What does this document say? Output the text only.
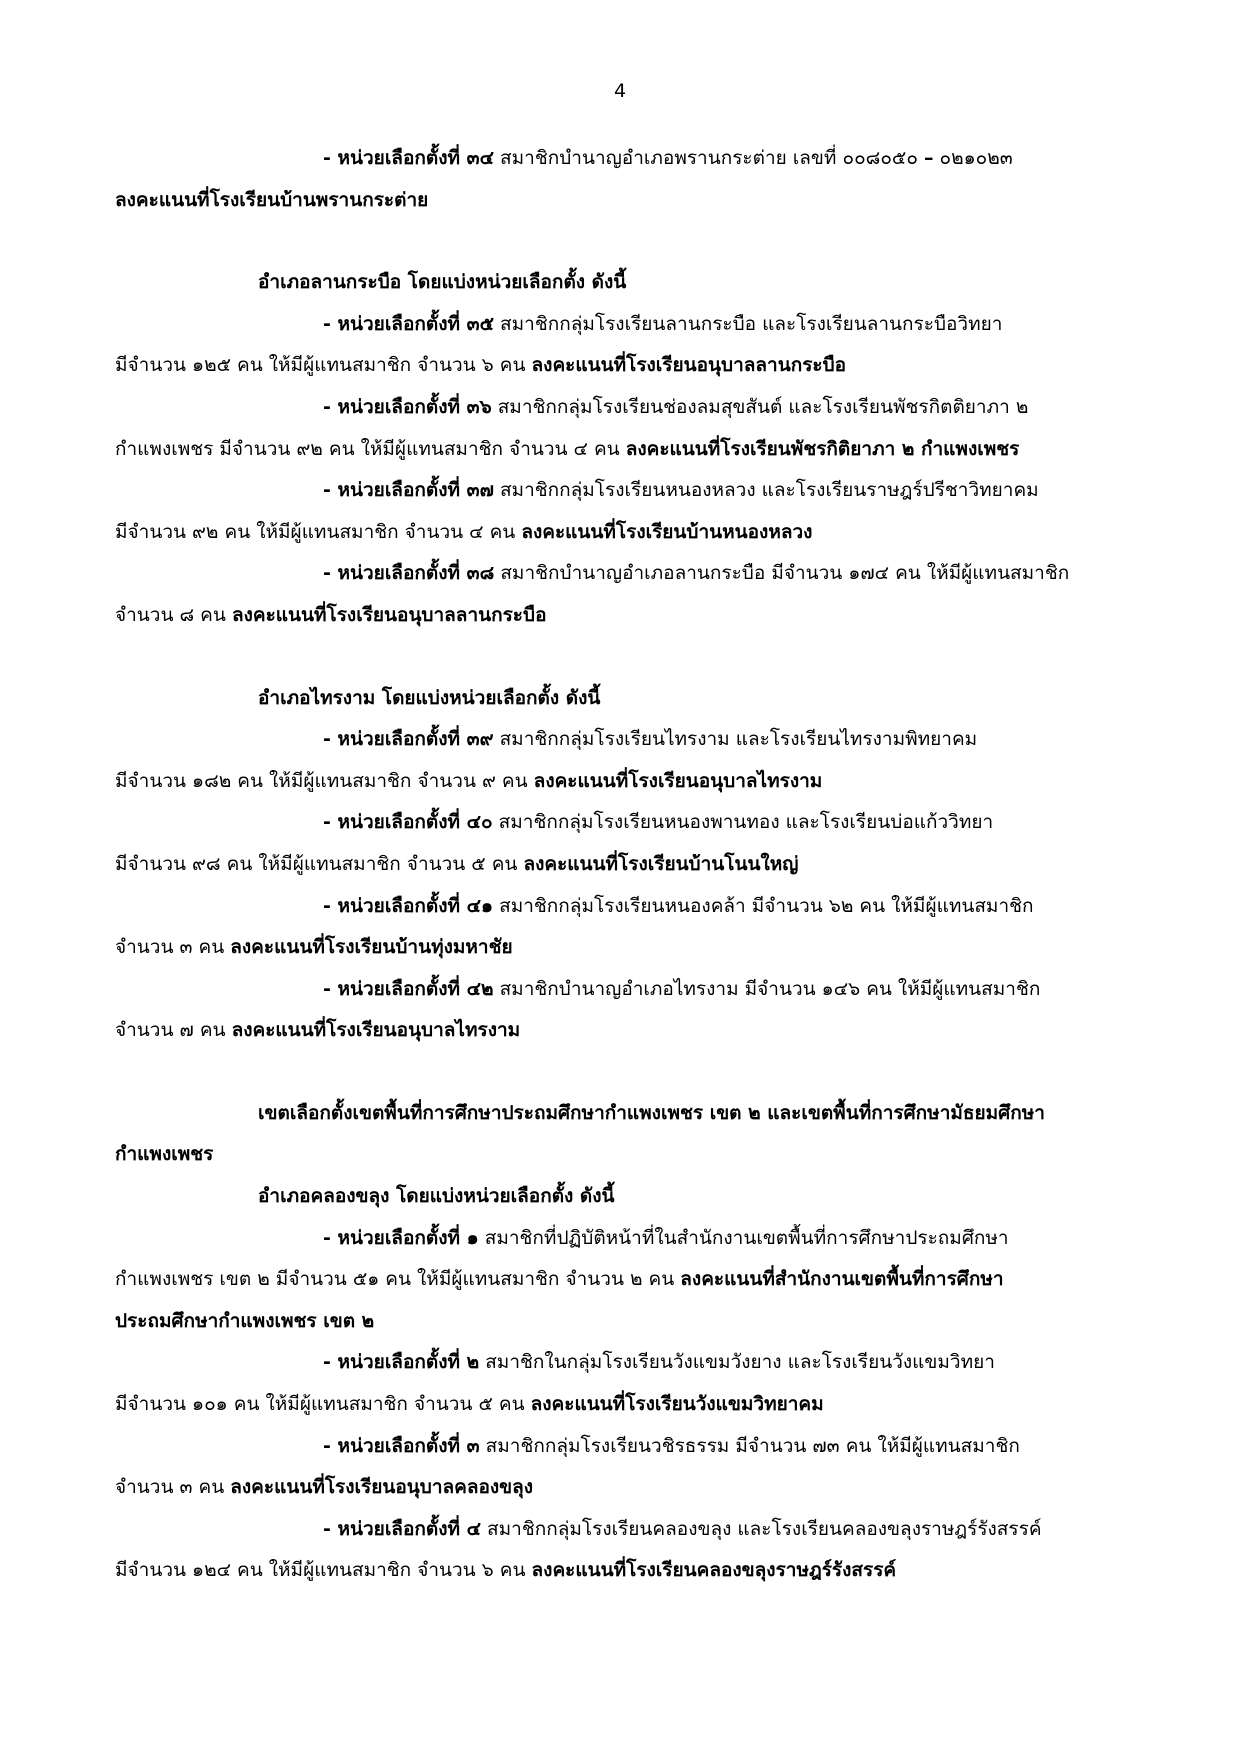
4
- หน่วยเลือกตั้งที่ ๓๔ สมาชิกบำนาญอำเภอพรานกระต่าย เลขที่ ๐๐๘๐๕๐ – ๐๒๑๐๒๓
ลงคะแนนที่โรงเรียนบ้านพรานกระต่าย
อำเภอลานกระบือ โดยแบ่งหน่วยเลือกตั้ง ดังนี้
- หน่วยเลือกตั้งที่ ๓๕ สมาชิกกลุ่มโรงเรียนลานกระบือ และโรงเรียนลานกระบือวิทยา
มีจำนวน ๑๒๕ คน ให้มีผู้แทนสมาชิก จำนวน ๖ คน ลงคะแนนที่โรงเรียนอนุบาลลานกระบือ
- หน่วยเลือกตั้งที่ ๓๖ สมาชิกกลุ่มโรงเรียนช่องลมสุขสันต์ และโรงเรียนพัชรกิตติยาภา ๒
กำแพงเพชร มีจำนวน ๙๒ คน ให้มีผู้แทนสมาชิก จำนวน ๔ คน ลงคะแนนที่โรงเรียนพัชรกิติยาภา ๒ กำแพงเพชร
- หน่วยเลือกตั้งที่ ๓๗ สมาชิกกลุ่มโรงเรียนหนองหลวง และโรงเรียนราษฎร์ปรีชาวิทยาคม
มีจำนวน ๙๒ คน ให้มีผู้แทนสมาชิก จำนวน ๔ คน ลงคะแนนที่โรงเรียนบ้านหนองหลวง
- หน่วยเลือกตั้งที่ ๓๘ สมาชิกบำนาญอำเภอลานกระบือ มีจำนวน ๑๗๔ คน ให้มีผู้แทนสมาชิก
จำนวน ๘ คน ลงคะแนนที่โรงเรียนอนุบาลลานกระบือ
อำเภอไทรงาม โดยแบ่งหน่วยเลือกตั้ง ดังนี้
- หน่วยเลือกตั้งที่ ๓๙ สมาชิกกลุ่มโรงเรียนไทรงาม และโรงเรียนไทรงามพิทยาคม
มีจำนวน ๑๘๒ คน ให้มีผู้แทนสมาชิก จำนวน ๙ คน ลงคะแนนที่โรงเรียนอนุบาลไทรงาม
- หน่วยเลือกตั้งที่ ๔๐ สมาชิกกลุ่มโรงเรียนหนองพานทอง และโรงเรียนบ่อแก้ววิทยา
มีจำนวน ๙๘ คน ให้มีผู้แทนสมาชิก จำนวน ๕ คน ลงคะแนนที่โรงเรียนบ้านโนนใหญ่
- หน่วยเลือกตั้งที่ ๔๑ สมาชิกกลุ่มโรงเรียนหนองคล้า มีจำนวน ๖๒ คน ให้มีผู้แทนสมาชิก
จำนวน ๓ คน ลงคะแนนที่โรงเรียนบ้านทุ่งมหาชัย
- หน่วยเลือกตั้งที่ ๔๒ สมาชิกบำนาญอำเภอไทรงาม มีจำนวน ๑๔๖ คน ให้มีผู้แทนสมาชิก
จำนวน ๗ คน ลงคะแนนที่โรงเรียนอนุบาลไทรงาม
เขตเลือกตั้งเขตพื้นที่การศึกษาประถมศึกษากำแพงเพชร เขต ๒ และเขตพื้นที่การศึกษามัธยมศึกษา
กำแพงเพชร
อำเภอคลองขลุง โดยแบ่งหน่วยเลือกตั้ง ดังนี้
- หน่วยเลือกตั้งที่ ๑ สมาชิกที่ปฏิบัติหน้าที่ในสำนักงานเขตพื้นที่การศึกษาประถมศึกษา
กำแพงเพชร เขต ๒ มีจำนวน ๕๑ คน ให้มีผู้แทนสมาชิก จำนวน ๒ คน ลงคะแนนที่สำนักงานเขตพื้นที่การศึกษา
ประถมศึกษากำแพงเพชร เขต ๒
- หน่วยเลือกตั้งที่ ๒ สมาชิกในกลุ่มโรงเรียนวังแขมวังยาง และโรงเรียนวังแขมวิทยา
มีจำนวน ๑๐๑ คน ให้มีผู้แทนสมาชิก จำนวน ๕ คน ลงคะแนนที่โรงเรียนวังแขมวิทยาคม
- หน่วยเลือกตั้งที่ ๓ สมาชิกกลุ่มโรงเรียนวชิรธรรม มีจำนวน ๗๓ คน ให้มีผู้แทนสมาชิก
จำนวน ๓ คน ลงคะแนนที่โรงเรียนอนุบาลคลองขลุง
- หน่วยเลือกตั้งที่ ๔ สมาชิกกลุ่มโรงเรียนคลองขลุง และโรงเรียนคลองขลุงราษฎร์รังสรรค์
มีจำนวน ๑๒๔ คน ให้มีผู้แทนสมาชิก จำนวน ๖ คน ลงคะแนนที่โรงเรียนคลองขลุงราษฎร์รังสรรค์
